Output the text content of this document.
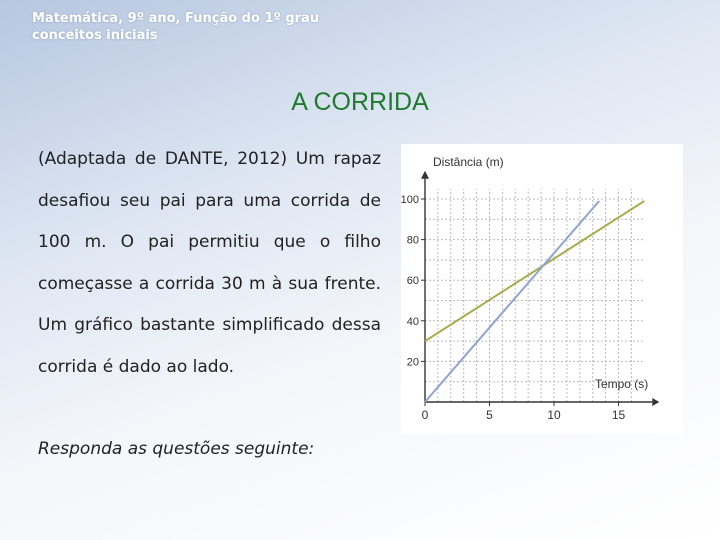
Matemática, 9º ano, Função do 1º grau
conceitos iniciais
A CORRIDA

(Adaptada de DANTE, 2012) Um rapaz desafiou seu pai para uma corrida de 100 m. O pai permitiu que o filho começasse a corrida 30 m à sua frente. Um gráfico bastante simplificado dessa corrida é dado ao lado.

Responda as questões seguinte:
20
40
60
80
100
0	5	10	15
Distância (m)
Tempo (s)
